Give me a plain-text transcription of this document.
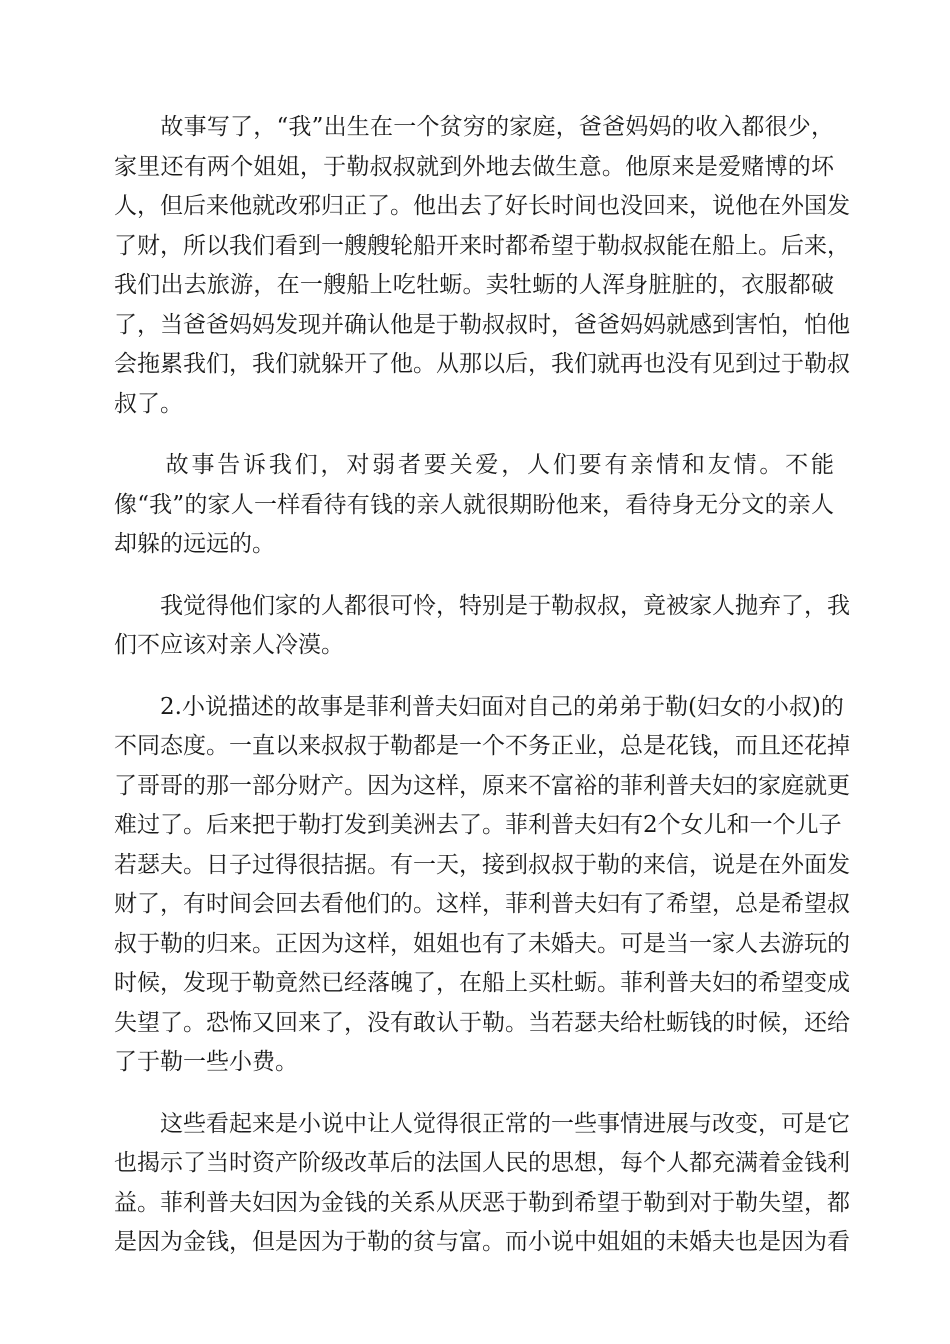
　　故事写了，“我”出生在一个贫穷的家庭，爸爸妈妈的收入都很少，
家里还有两个姐姐，于勒叔叔就到外地去做生意。他原来是爱赌博的坏
人，但后来他就改邪归正了。他出去了好长时间也没回来，说他在外国发
了财，所以我们看到一艘艘轮船开来时都希望于勒叔叔能在船上。后来，
我们出去旅游，在一艘船上吃牡蛎。卖牡蛎的人浑身脏脏的，衣服都破
了，当爸爸妈妈发现并确认他是于勒叔叔时，爸爸妈妈就感到害怕，怕他
会拖累我们，我们就躲开了他。从那以后，我们就再也没有见到过于勒叔
叔了。
　　故事告诉我们，对弱者要关爱，人们要有亲情和友情。不能
像“我”的家人一样看待有钱的亲人就很期盼他来，看待身无分文的亲人
却躲的远远的。
　　我觉得他们家的人都很可怜，特别是于勒叔叔，竟被家人抛弃了，我
们不应该对亲人冷漠。
　　2.小说描述的故事是菲利普夫妇面对自己的弟弟于勒(妇女的小叔)的
不同态度。一直以来叔叔于勒都是一个不务正业，总是花钱，而且还花掉
了哥哥的那一部分财产。因为这样，原来不富裕的菲利普夫妇的家庭就更
难过了。后来把于勒打发到美洲去了。菲利普夫妇有2个女儿和一个儿子
若瑟夫。日子过得很拮据。有一天，接到叔叔于勒的来信，说是在外面发
财了，有时间会回去看他们的。这样，菲利普夫妇有了希望，总是希望叔
叔于勒的归来。正因为这样，姐姐也有了未婚夫。可是当一家人去游玩的
时候，发现于勒竟然已经落魄了，在船上买杜蛎。菲利普夫妇的希望变成
失望了。恐怖又回来了，没有敢认于勒。当若瑟夫给杜蛎钱的时候，还给
了于勒一些小费。
　　这些看起来是小说中让人觉得很正常的一些事情进展与改变，可是它
也揭示了当时资产阶级改革后的法国人民的思想，每个人都充满着金钱利
益。菲利普夫妇因为金钱的关系从厌恶于勒到希望于勒到对于勒失望，都
是因为金钱，但是因为于勒的贫与富。而小说中姐姐的未婚夫也是因为看
